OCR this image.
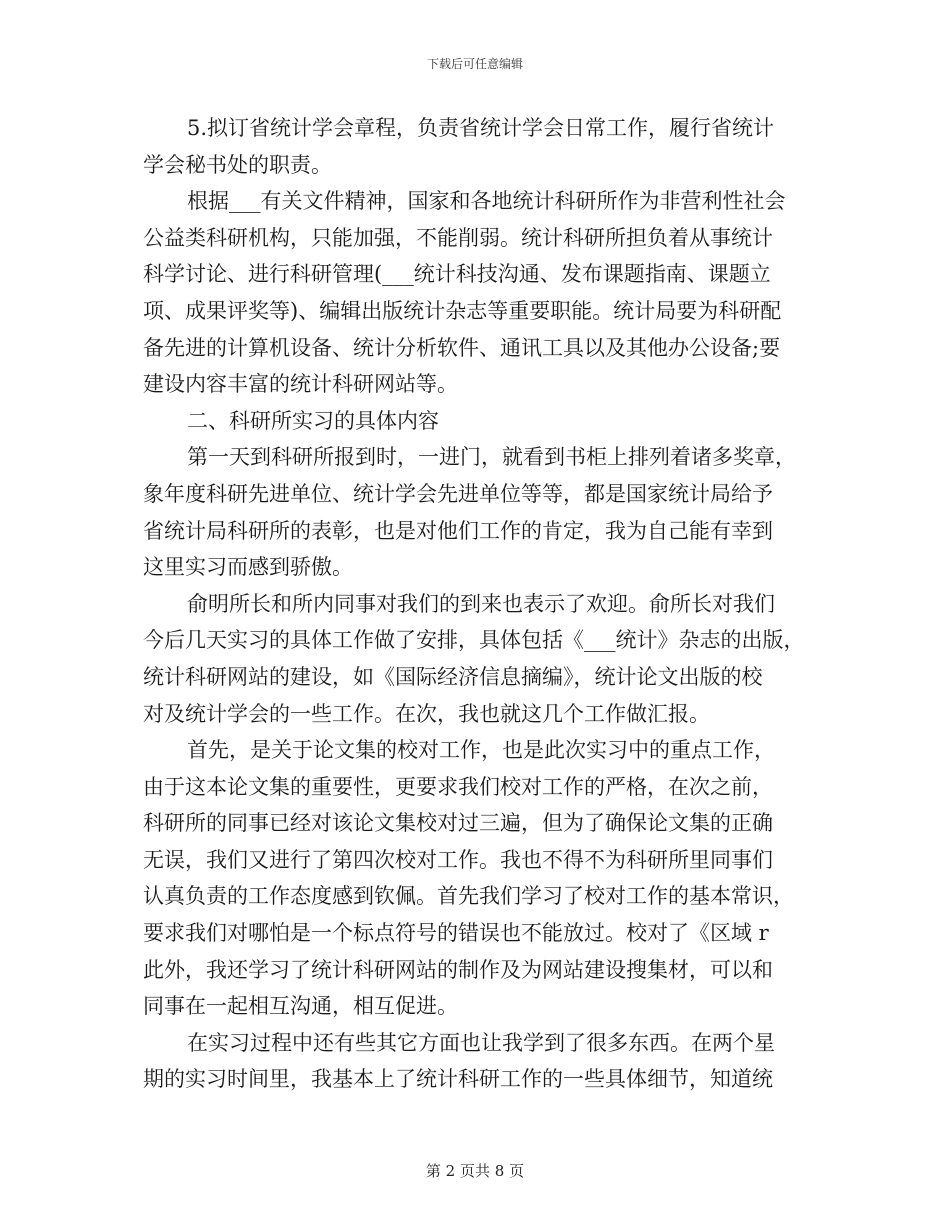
下载后可任意编辑
5.拟订省统计学会章程，负责省统计学会日常工作，履行省统计
学会秘书处的职责。
根据___有关文件精神，国家和各地统计科研所作为非营利性社会
公益类科研机构，只能加强，不能削弱。统计科研所担负着从事统计
科学讨论、进行科研管理(___统计科技沟通、发布课题指南、课题立
项、成果评奖等)、编辑出版统计杂志等重要职能。统计局要为科研配
备先进的计算机设备、统计分析软件、通讯工具以及其他办公设备;要
建设内容丰富的统计科研网站等。
二、科研所实习的具体内容
第一天到科研所报到时，一进门，就看到书柜上排列着诸多奖章，
象年度科研先进单位、统计学会先进单位等等，都是国家统计局给予
省统计局科研所的表彰，也是对他们工作的肯定，我为自己能有幸到
这里实习而感到骄傲。
俞明所长和所内同事对我们的到来也表示了欢迎。俞所长对我们
今后几天实习的具体工作做了安排，具体包括《___统计》杂志的出版，
统计科研网站的建设，如《国际经济信息摘编》，统计论文出版的校
对及统计学会的一些工作。在次，我也就这几个工作做汇报。
首先，是关于论文集的校对工作，也是此次实习中的重点工作，
由于这本论文集的重要性，更要求我们校对工作的严格，在次之前，
科研所的同事已经对该论文集校对过三遍，但为了确保论文集的正确
无误，我们又进行了第四次校对工作。我也不得不为科研所里同事们
认真负责的工作态度感到钦佩。首先我们学习了校对工作的基本常识，
要求我们对哪怕是一个标点符号的错误也不能放过。校对了《区域 r
此外，我还学习了统计科研网站的制作及为网站建设搜集材，可以和
同事在一起相互沟通，相互促进。
在实习过程中还有些其它方面也让我学到了很多东西。在两个星
期的实习时间里，我基本上了统计科研工作的一些具体细节，知道统
第 2 页共 8 页
